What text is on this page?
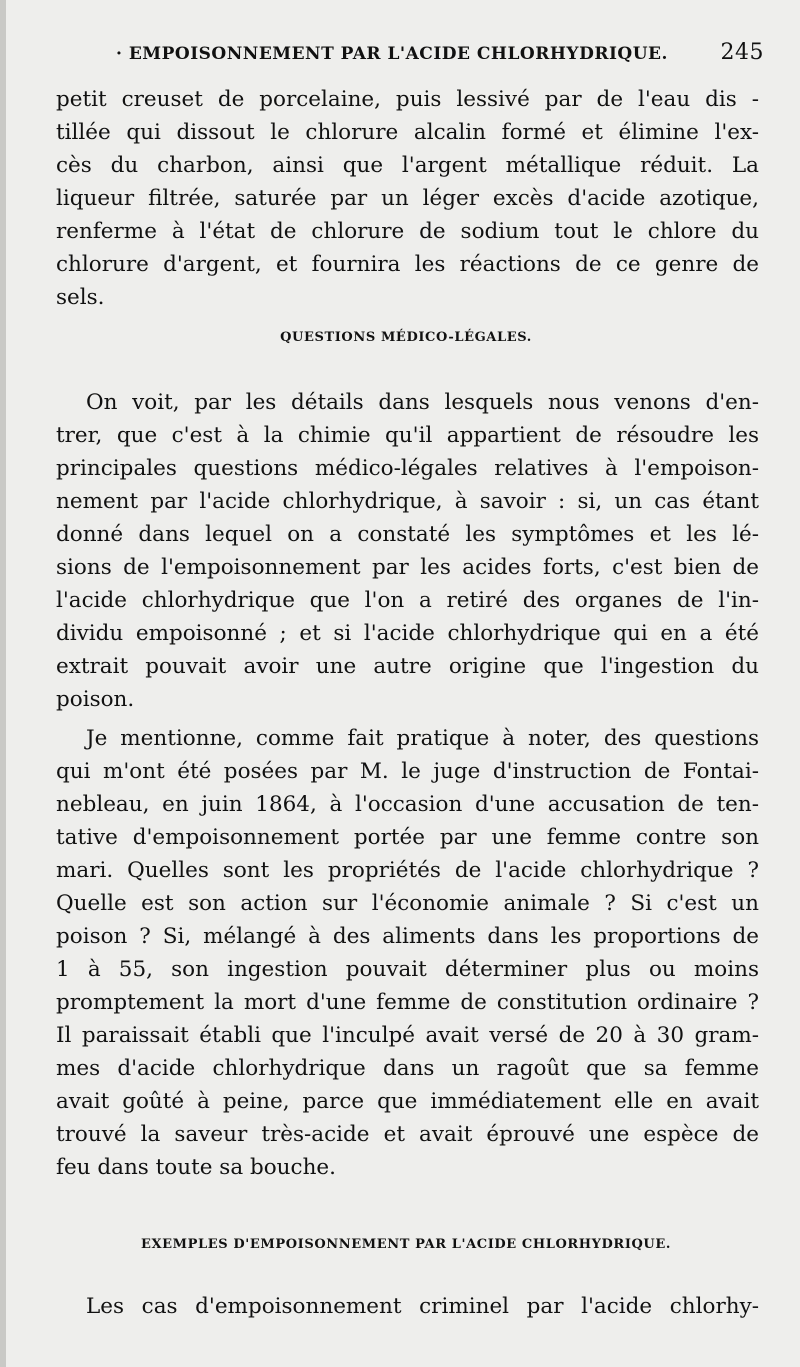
· EMPOISONNEMENT PAR L'ACIDE CHLORHYDRIQUE. 245
petit creuset de porcelaine, puis lessivé par de l'eau dis -
tillée qui dissout le chlorure alcalin formé et élimine l'ex-
cès du charbon, ainsi que l'argent métallique réduit. La
liqueur filtrée, saturée par un léger excès d'acide azotique,
renferme à l'état de chlorure de sodium tout le chlore du
chlorure d'argent, et fournira les réactions de ce genre de
sels.
QUESTIONS MÉDICO-LÉGALES.
On voit, par les détails dans lesquels nous venons d'en-
trer, que c'est à la chimie qu'il appartient de résoudre les
principales questions médico-légales relatives à l'empoison-
nement par l'acide chlorhydrique, à savoir : si, un cas étant
donné dans lequel on a constaté les symptômes et les lé-
sions de l'empoisonnement par les acides forts, c'est bien de
l'acide chlorhydrique que l'on a retiré des organes de l'in-
dividu empoisonné ; et si l'acide chlorhydrique qui en a été
extrait pouvait avoir une autre origine que l'ingestion du
poison.
Je mentionne, comme fait pratique à noter, des questions
qui m'ont été posées par M. le juge d'instruction de Fontai-
nebleau, en juin 1864, à l'occasion d'une accusation de ten-
tative d'empoisonnement portée par une femme contre son
mari. Quelles sont les propriétés de l'acide chlorhydrique ?
Quelle est son action sur l'économie animale ? Si c'est un
poison ? Si, mélangé à des aliments dans les proportions de
1 à 55, son ingestion pouvait déterminer plus ou moins
promptement la mort d'une femme de constitution ordinaire ?
Il paraissait établi que l'inculpé avait versé de 20 à 30 gram-
mes d'acide chlorhydrique dans un ragoût que sa femme
avait goûté à peine, parce que immédiatement elle en avait
trouvé la saveur très-acide et avait éprouvé une espèce de
feu dans toute sa bouche.
EXEMPLES D'EMPOISONNEMENT PAR L'ACIDE CHLORHYDRIQUE.
Les cas d'empoisonnement criminel par l'acide chlorhy-
